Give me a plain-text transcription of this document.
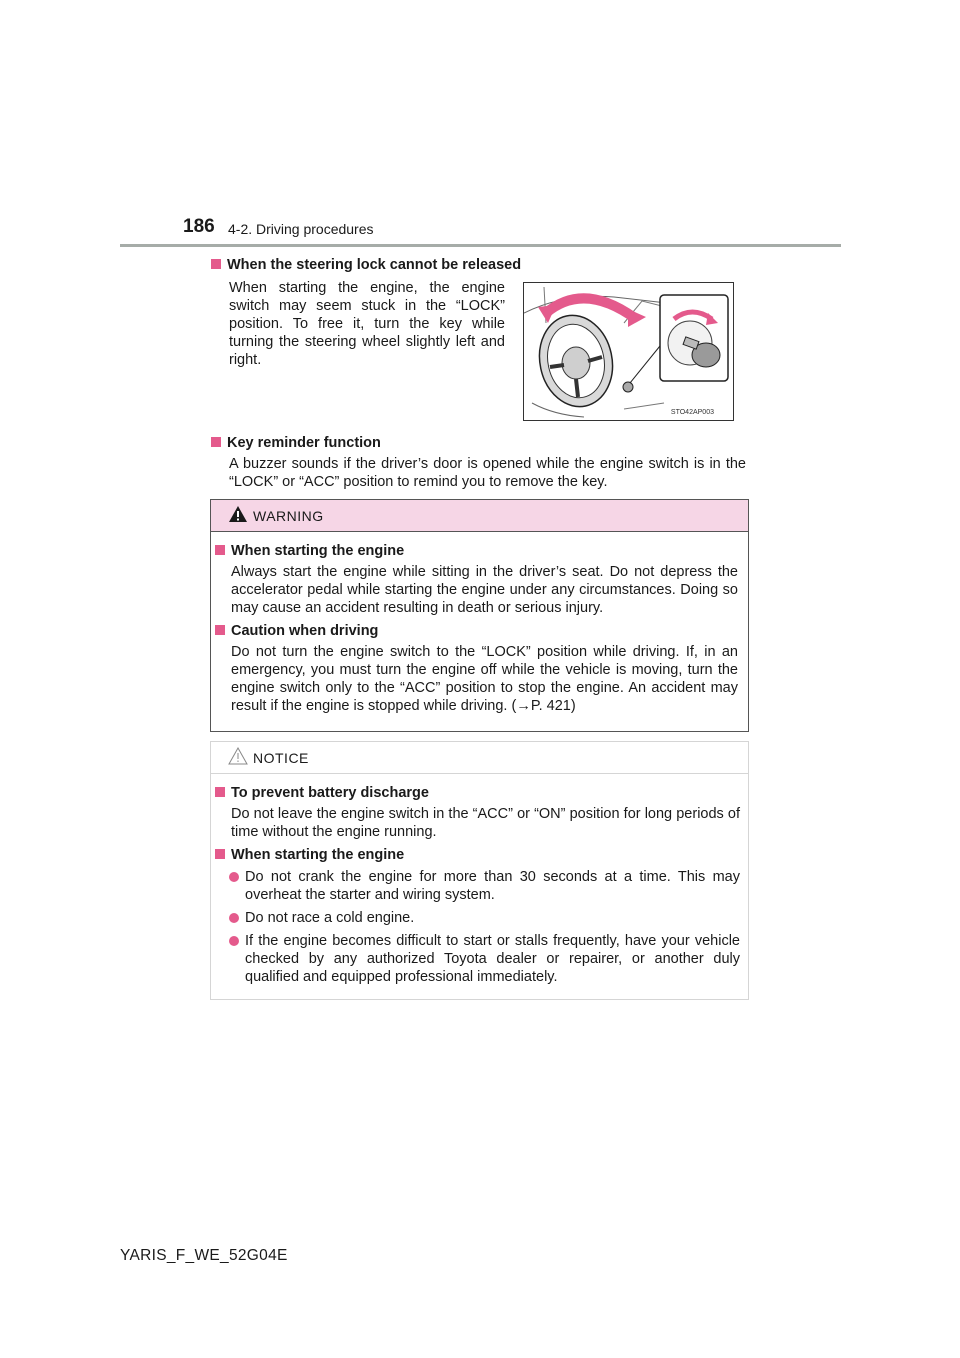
186 4-2. Driving procedures
When the steering lock cannot be released
When starting the engine, the engine switch may seem stuck in the “LOCK” position. To free it, turn the key while turning the steering wheel slightly left and right.
STO42AP003
Key reminder function
A buzzer sounds if the driver’s door is opened while the engine switch is in the “LOCK” or “ACC” position to remind you to remove the key.
WARNING
When starting the engine
Always start the engine while sitting in the driver’s seat. Do not depress the accelerator pedal while starting the engine under any circumstances. Doing so may cause an accident resulting in death or serious injury.
Caution when driving
Do not turn the engine switch to the “LOCK” position while driving. If, in an emergency, you must turn the engine off while the vehicle is moving, turn the engine switch only to the “ACC” position to stop the engine. An accident may result if the engine is stopped while driving. (→P. 421)
NOTICE
To prevent battery discharge
Do not leave the engine switch in the “ACC” or “ON” position for long periods of time without the engine running.
When starting the engine
Do not crank the engine for more than 30 seconds at a time. This may overheat the starter and wiring system.
Do not race a cold engine.
If the engine becomes difficult to start or stalls frequently, have your vehicle checked by any authorized Toyota dealer or repairer, or another duly qualified and equipped professional immediately.
YARIS_F_WE_52G04E
